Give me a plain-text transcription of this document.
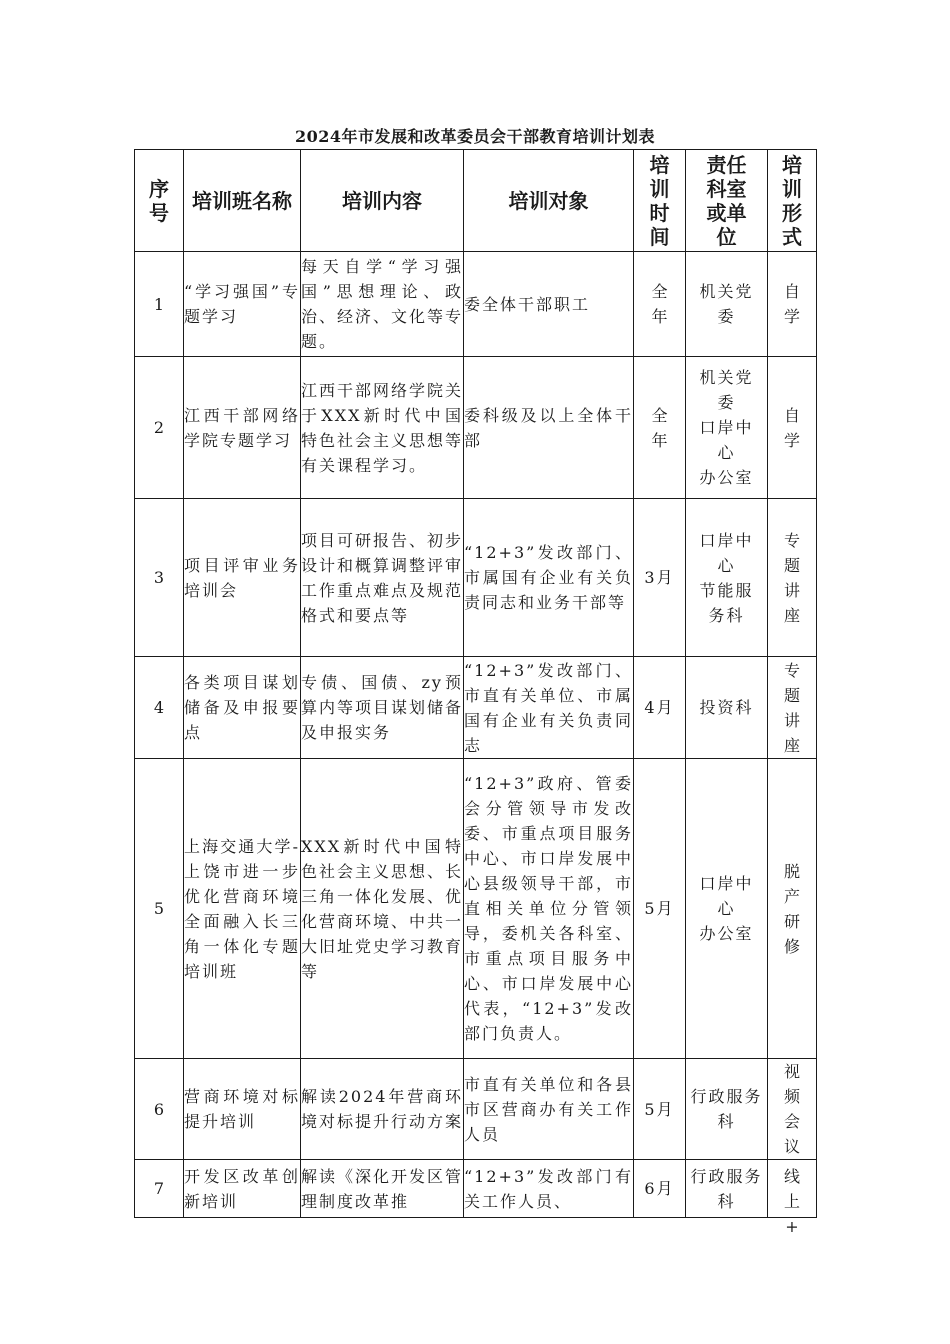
2024年市发展和改革委员会干部教育培训计划表
序号	培训班名称	培训内容	培训对象	培训时间	责任科室或单位	培训形式

1	“学习强国”专题学习	每天自学“学习强国”思想理论、政治、经济、文化等专题。	委全体干部职工	全年	机关党委	自学

2	江西干部网络学院专题学习	江西干部网络学院关于XXX新时代中国特色社会主义思想等有关课程学习。	委科级及以上全体干部	全年	机关党委
口岸中心
办公室	自学

3	项目评审业务培训会	项目可研报告、初步设计和概算调整评审工作重点难点及规范格式和要点等	“12+3”发改部门、市属国有企业有关负责同志和业务干部等	3月	口岸中心
节能服务科	专题讲座

4	各类项目谋划储备及申报要点	专债、国债、zy预算内等项目谋划储备及申报实务	“12+3”发改部门、市直有关单位、市属国有企业有关负责同志	4月	投资科	专题讲座

5	上海交通大学-上饶市进一步优化营商环境全面融入长三角一体化专题培训班	XXX新时代中国特色社会主义思想、长三角一体化发展、优化营商环境、中共一大旧址党史学习教育等	“12+3”政府、管委会分管领导市发改委、市重点项目服务中心、市口岸发展中心县级领导干部，市直相关单位分管领导，委机关各科室、市重点项目服务中心、市口岸发展中心代表，“12+3”发改部门负责人。	5月	口岸中心
办公室	脱产研修

6	营商环境对标提升培训	解读2024年营商环境对标提升行动方案	市直有关单位和各县市区营商办有关工作人员	5月	行政服务科	视频会议

7	开发区改革创新培训	解读《深化开发区管理制度改革推	“12+3”发改部门有关工作人员、	6月	行政服务科	线上+
